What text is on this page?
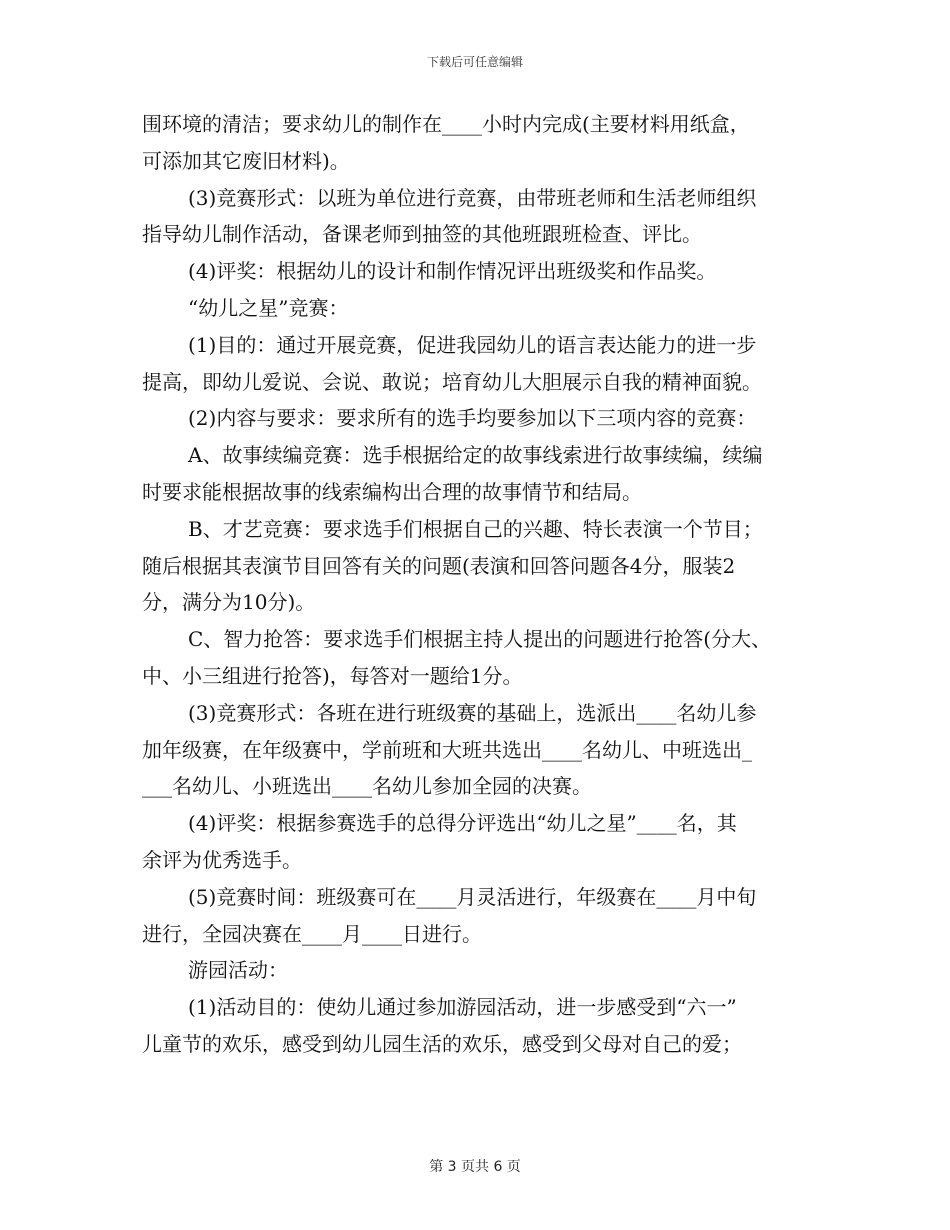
下载后可任意编辑
围环境的清洁；要求幼儿的制作在____小时内完成(主要材料用纸盒，
可添加其它废旧材料)。
(3)竞赛形式：以班为单位进行竞赛，由带班老师和生活老师组织
指导幼儿制作活动，备课老师到抽签的其他班跟班检查、评比。
(4)评奖：根据幼儿的设计和制作情况评出班级奖和作品奖。
“幼儿之星”竞赛：
(1)目的：通过开展竞赛，促进我园幼儿的语言表达能力的进一步
提高，即幼儿爱说、会说、敢说；培育幼儿大胆展示自我的精神面貌。
(2)内容与要求：要求所有的选手均要参加以下三项内容的竞赛：
A、故事续编竞赛：选手根据给定的故事线索进行故事续编，续编
时要求能根据故事的线索编构出合理的故事情节和结局。
B、才艺竞赛：要求选手们根据自己的兴趣、特长表演一个节目；
随后根据其表演节目回答有关的问题(表演和回答问题各4分，服装2
分，满分为10分)。
C、智力抢答：要求选手们根据主持人提出的问题进行抢答(分大、
中、小三组进行抢答)，每答对一题给1分。
(3)竞赛形式：各班在进行班级赛的基础上，选派出____名幼儿参
加年级赛，在年级赛中，学前班和大班共选出____名幼儿、中班选出_
___名幼儿、小班选出____名幼儿参加全园的决赛。
(4)评奖：根据参赛选手的总得分评选出“幼儿之星”____名，其
余评为优秀选手。
(5)竞赛时间：班级赛可在____月灵活进行，年级赛在____月中旬
进行，全园决赛在____月____日进行。
游园活动：
(1)活动目的：使幼儿通过参加游园活动，进一步感受到“六一”
儿童节的欢乐，感受到幼儿园生活的欢乐，感受到父母对自己的爱；
第 3 页共 6 页
